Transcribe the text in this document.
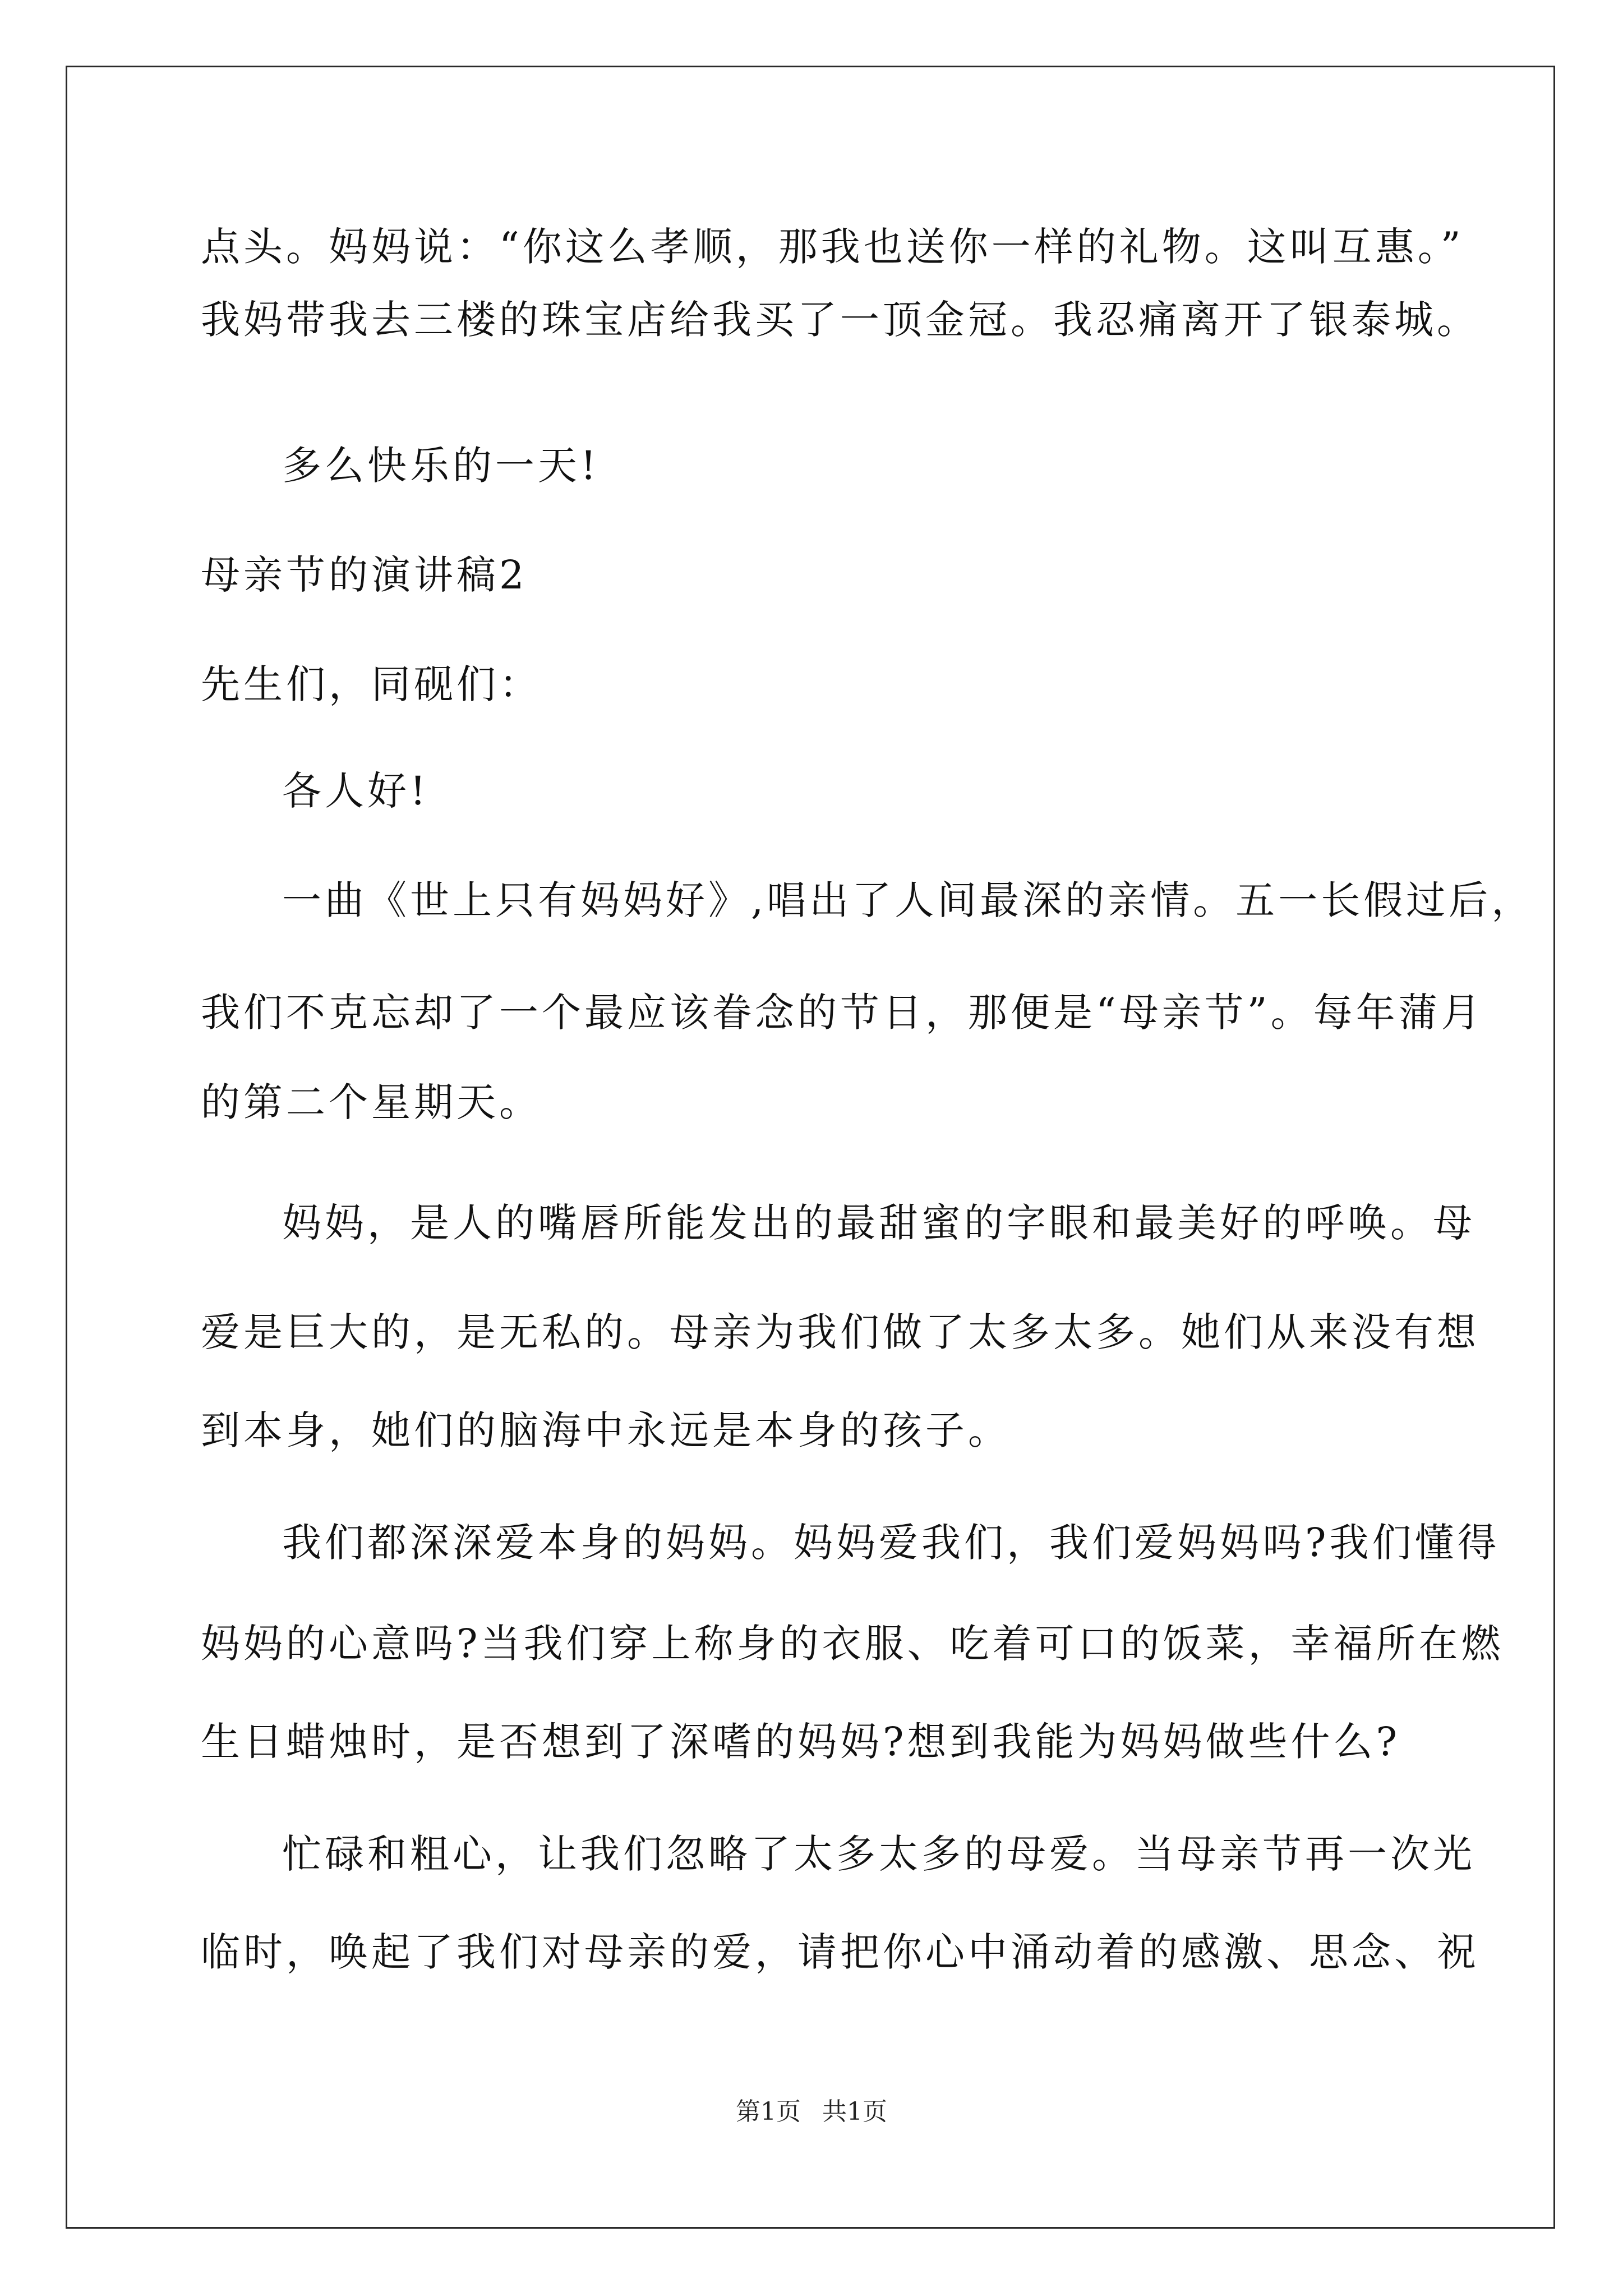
点头。妈妈说：“你这么孝顺，那我也送你一样的礼物。这叫互惠。”
我妈带我去三楼的珠宝店给我买了一顶金冠。我忍痛离开了银泰城。
多么快乐的一天!
母亲节的演讲稿2
先生们，同砚们：
各人好!
一曲《世上只有妈妈好》,唱出了人间最深的亲情。五一长假过后，
我们不克忘却了一个最应该眷念的节日，那便是“母亲节”。每年蒲月
的第二个星期天。
妈妈，是人的嘴唇所能发出的最甜蜜的字眼和最美好的呼唤。母
爱是巨大的，是无私的。母亲为我们做了太多太多。她们从来没有想
到本身，她们的脑海中永远是本身的孩子。
我们都深深爱本身的妈妈。妈妈爱我们，我们爱妈妈吗?我们懂得
妈妈的心意吗?当我们穿上称身的衣服、吃着可口的饭菜，幸福所在燃
生日蜡烛时，是否想到了深嗜的妈妈?想到我能为妈妈做些什么?
忙碌和粗心，让我们忽略了太多太多的母爱。当母亲节再一次光
临时，唤起了我们对母亲的爱，请把你心中涌动着的感激、思念、祝
第1页 共1页
